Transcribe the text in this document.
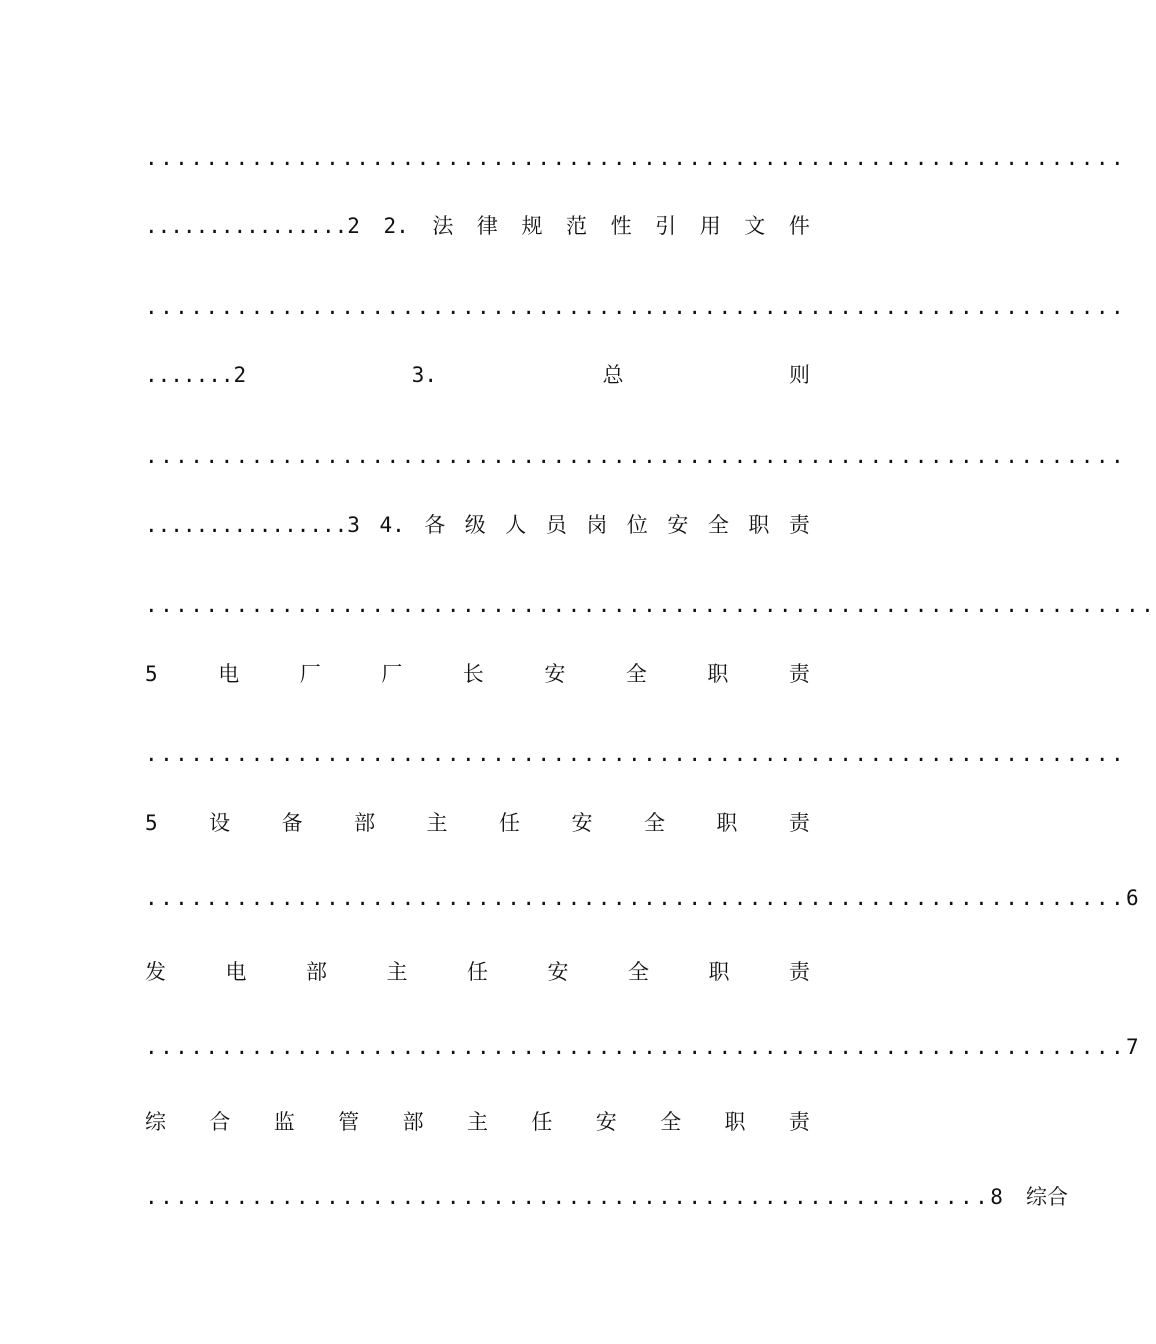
.................................................................
................2 2. 法 律 规 范 性 引 用 文 件
.................................................................
.......2	3.	总	则
.................................................................
................3 4. 各 级 人 员 岗 位 安 全 职 责
...................................................................
5	电	厂	厂	长	安	全	职	责
.................................................................
5 设 备 部 主 任 安 全 职 责
.................................................................6
发	电	部	主	任	安	全	职	责
.................................................................7
综 合 监 管 部 主 任 安 全 职 责
........................................................8 综合
